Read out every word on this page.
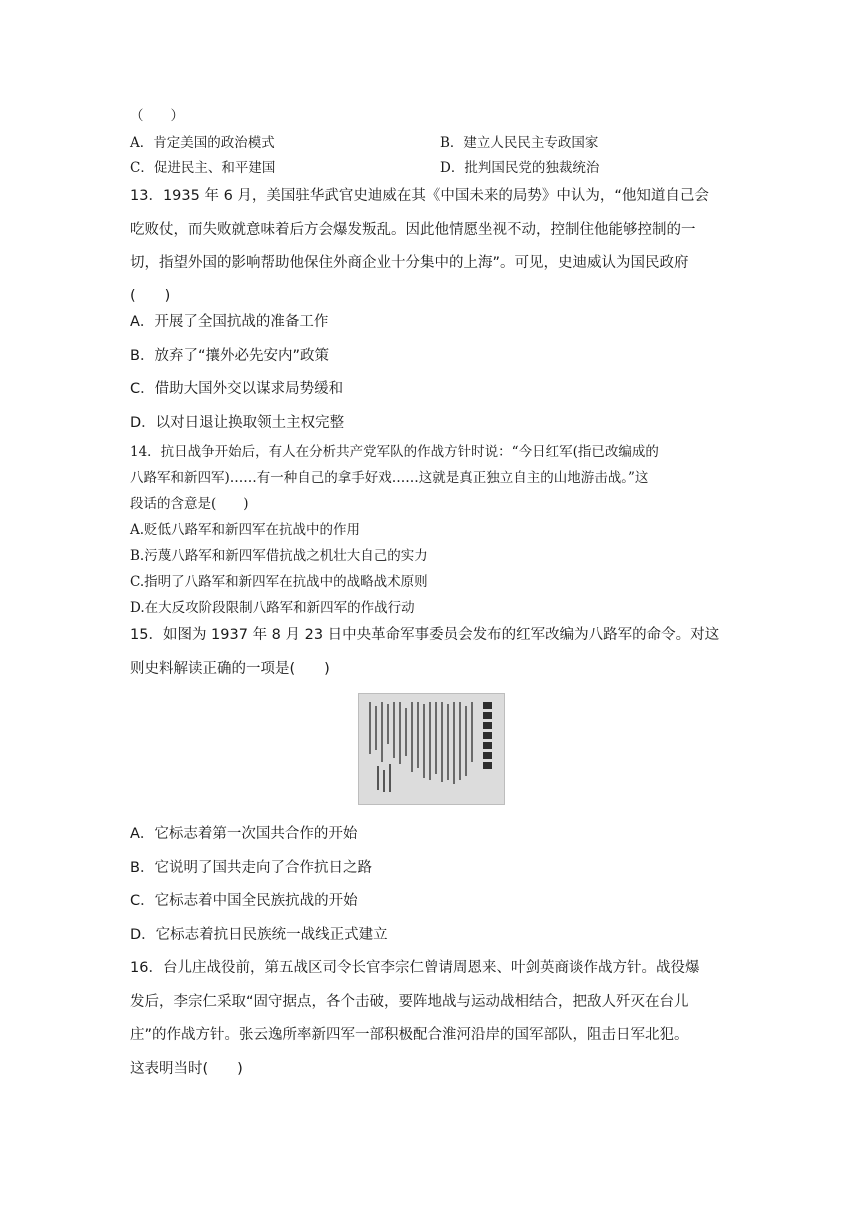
（　　）
A．肯定美国的政治模式	B．建立人民民主专政国家
C．促进民主、和平建国	D．批判国民党的独裁统治
13．1935 年 6 月，美国驻华武官史迪威在其《中国未来的局势》中认为，“他知道自己会
吃败仗，而失败就意味着后方会爆发叛乱。因此他情愿坐视不动，控制住他能够控制的一
切，指望外国的影响帮助他保住外商企业十分集中的上海”。可见，史迪威认为国民政府
(　　)
A．开展了全国抗战的准备工作
B．放弃了“攘外必先安内”政策
C．借助大国外交以谋求局势缓和
D．以对日退让换取领土主权完整
14．抗日战争开始后，有人在分析共产党军队的作战方针时说：“今日红军(指已改编成的
八路军和新四军)……有一种自己的拿手好戏……这就是真正独立自主的山地游击战。”这
段话的含意是(　　)
A.贬低八路军和新四军在抗战中的作用
B.污蔑八路军和新四军借抗战之机壮大自己的实力
C.指明了八路军和新四军在抗战中的战略战术原则
D.在大反攻阶段限制八路军和新四军的作战行动
15．如图为 1937 年 8 月 23 日中央革命军事委员会发布的红军改编为八路军的命令。对这
则史料解读正确的一项是(　　)
A．它标志着第一次国共合作的开始
B．它说明了国共走向了合作抗日之路
C．它标志着中国全民族抗战的开始
D．它标志着抗日民族统一战线正式建立
16．台儿庄战役前，第五战区司令长官李宗仁曾请周恩来、叶剑英商谈作战方针。战役爆
发后，李宗仁采取“固守据点，各个击破，要阵地战与运动战相结合，把敌人歼灭在台儿
庄”的作战方针。张云逸所率新四军一部积极配合淮河沿岸的国军部队，阻击日军北犯。
这表明当时(　　)
